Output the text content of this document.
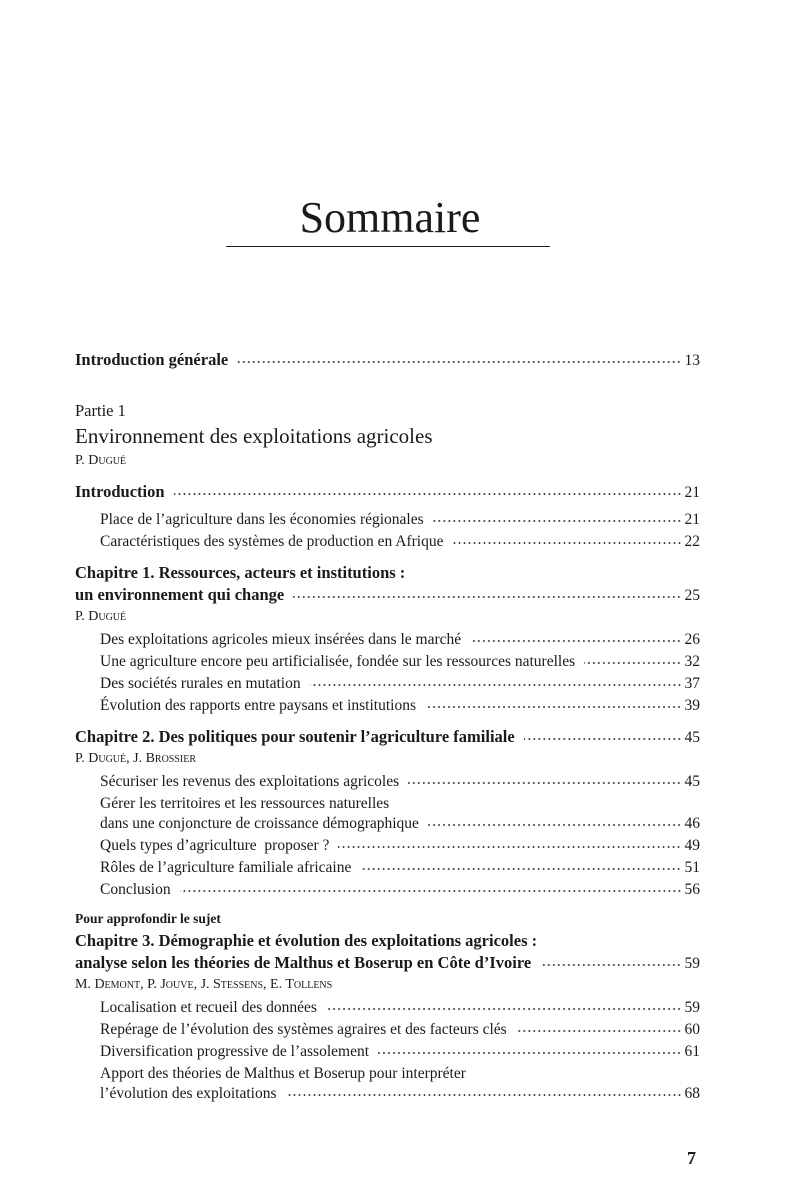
Sommaire
Introduction générale	13
Partie 1
Environnement des exploitations agricoles
P. Dugué
Introduction	21
Place de l’agriculture dans les économies régionales	21
Caractéristiques des systèmes de production en Afrique	22
Chapitre 1. Ressources, acteurs et institutions :
un environnement qui change	25
P. Dugué
Des exploitations agricoles mieux insérées dans le marché	26
Une agriculture encore peu artificialisée, fondée sur les ressources naturelles	32
Des sociétés rurales en mutation	37
Évolution des rapports entre paysans et institutions	39
Chapitre 2. Des politiques pour soutenir l’agriculture familiale	45
P. Dugué, J. Brossier
Sécuriser les revenus des exploitations agricoles	45
Gérer les territoires et les ressources naturelles
dans une conjoncture de croissance démographique	46
Quels types d’agriculture  proposer ?	49
Rôles de l’agriculture familiale africaine	51
Conclusion	56
Pour approfondir le sujet
Chapitre 3. Démographie et évolution des exploitations agricoles :
analyse selon les théories de Malthus et Boserup en Côte d’Ivoire	59
M. Demont, P. Jouve, J. Stessens, E. Tollens
Localisation et recueil des données	59
Repérage de l’évolution des systèmes agraires et des facteurs clés	60
Diversification progressive de l’assolement	61
Apport des théories de Malthus et Boserup pour interpréter
l’évolution des exploitations	68
7
